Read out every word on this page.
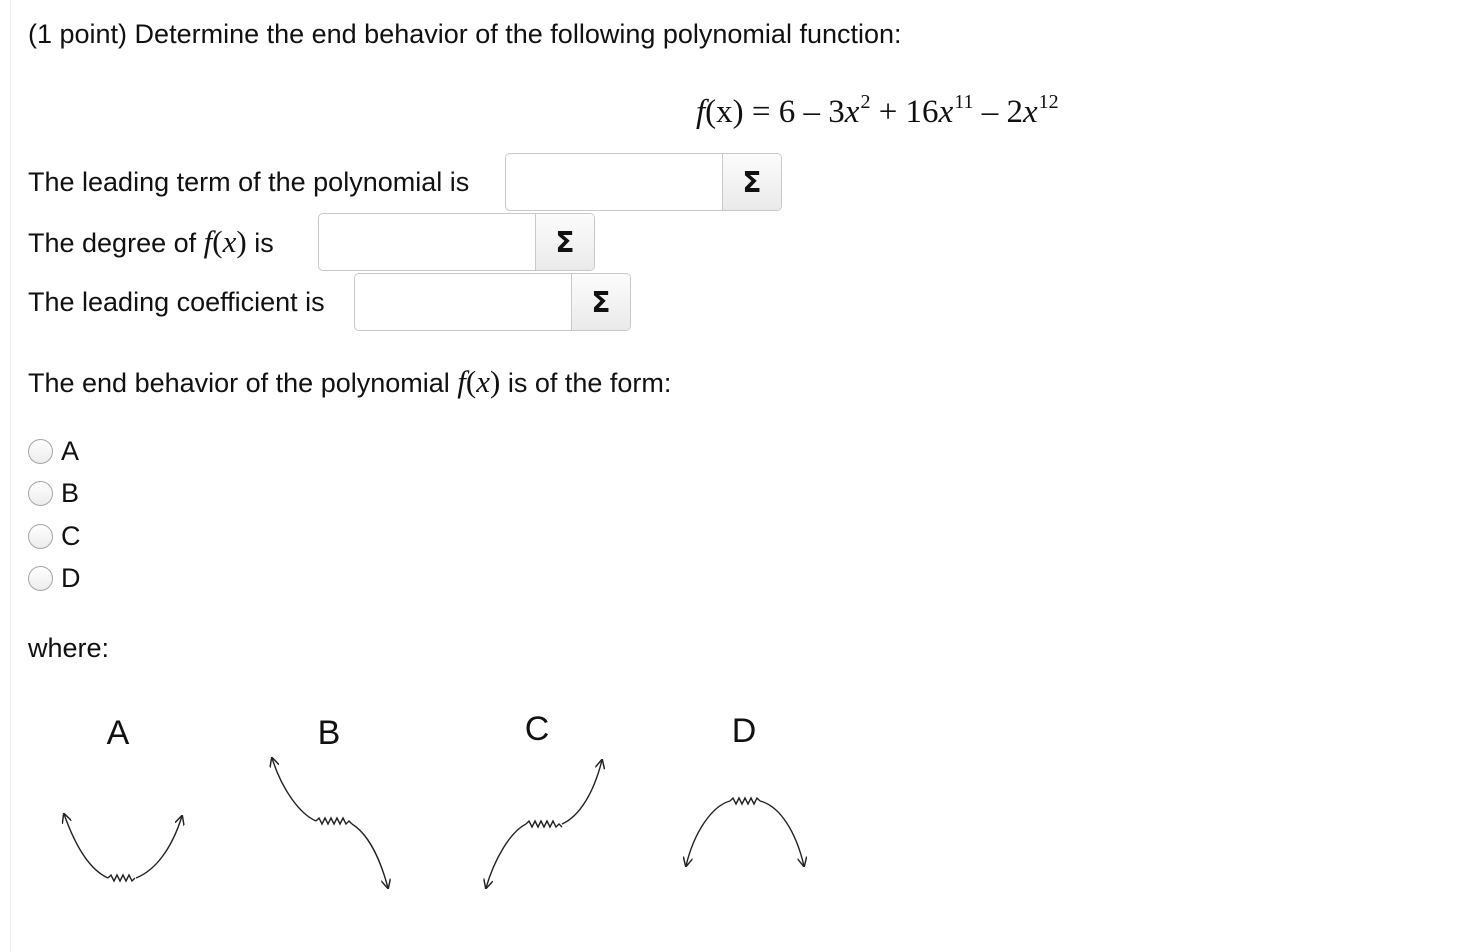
(1 point) Determine the end behavior of the following polynomial function:
$f(x) = 6 - 3x^2 + 16x^{11} - 2x^{12}$
The leading term of the polynomial is	Σ
The degree of f(x) is	Σ
The leading coefficient is	Σ
The end behavior of the polynomial f(x) is of the form:
A
B
C
D
where:
A	B	C	D
